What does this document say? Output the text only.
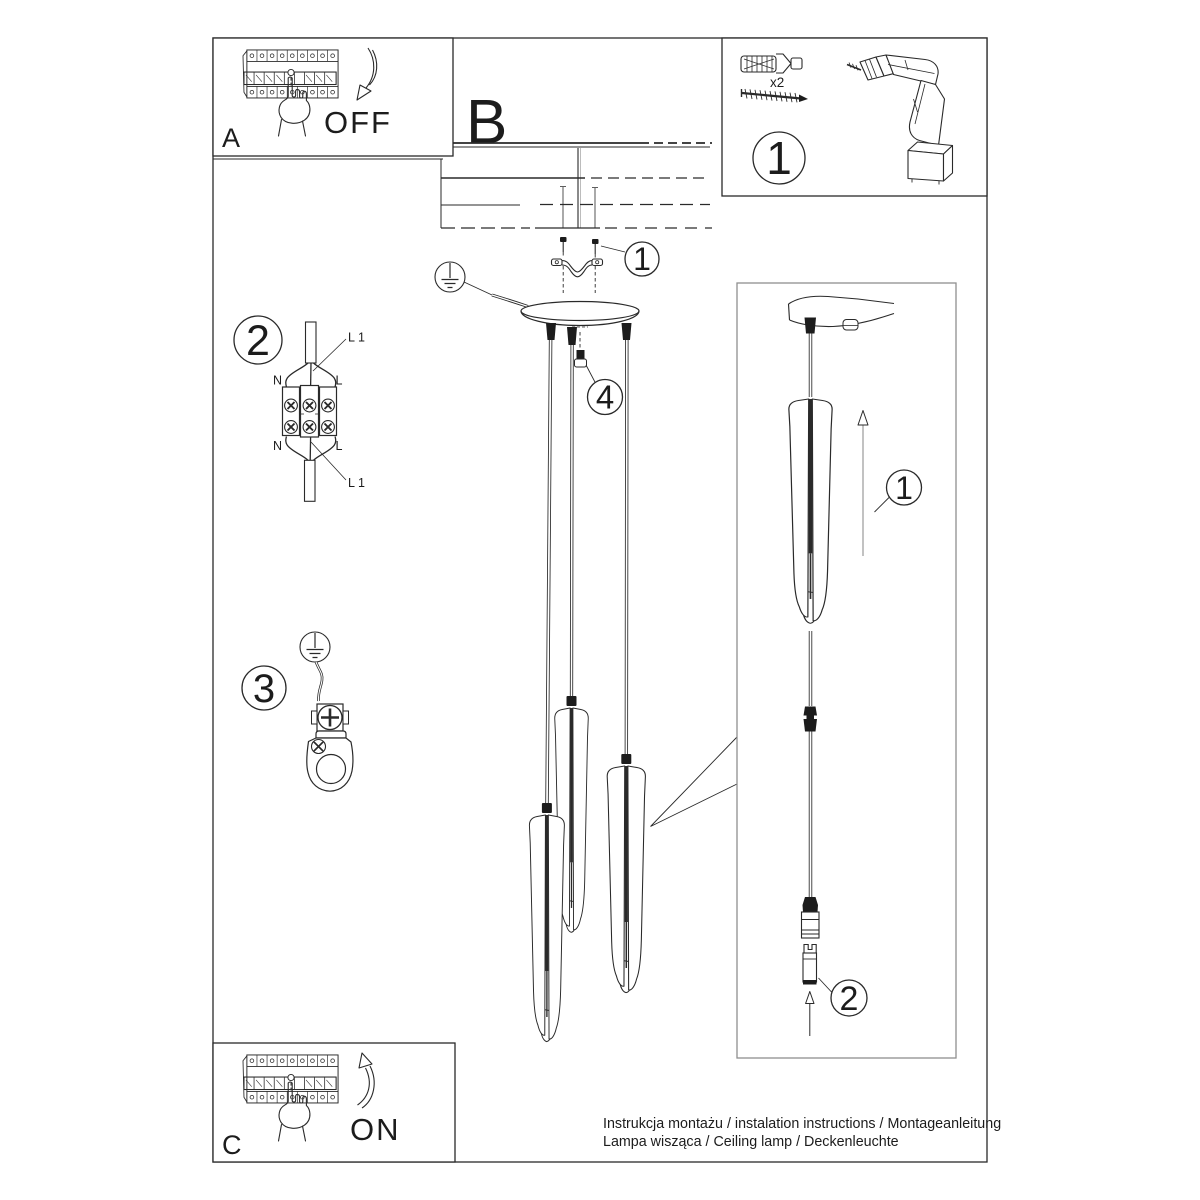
A	OFF
x2
1
B
1
4
2
N	L
N	L
L 1
L 1
3
2
1
C	ON	Instrukcja montażu / instalation instructions / Montageanleitung
Lampa wisząca / Ceiling lamp / Deckenleuchte
